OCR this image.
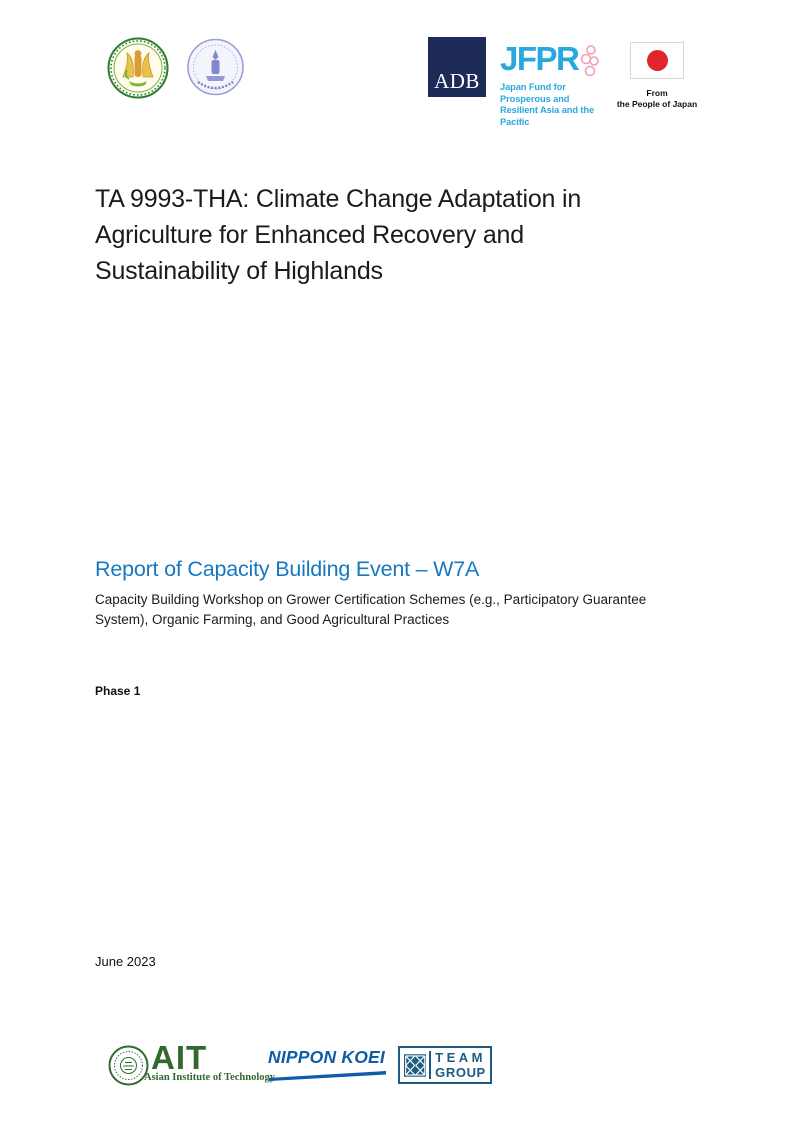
ADB
JFPR
Japan Fund for Prosperous and
Resilient Asia and the Pacific
From
the People of Japan
TA 9993-THA: Climate Change Adaptation in
Agriculture for Enhanced Recovery and
Sustainability of Highlands
Report of Capacity Building Event – W7A
Capacity Building Workshop on Grower Certification Schemes (e.g., Participatory Guarantee
System), Organic Farming, and Good Agricultural Practices
Phase 1
June 2023
AIT
Asian Institute of Technology
NIPPON KOEI	TEAM
GROUP
